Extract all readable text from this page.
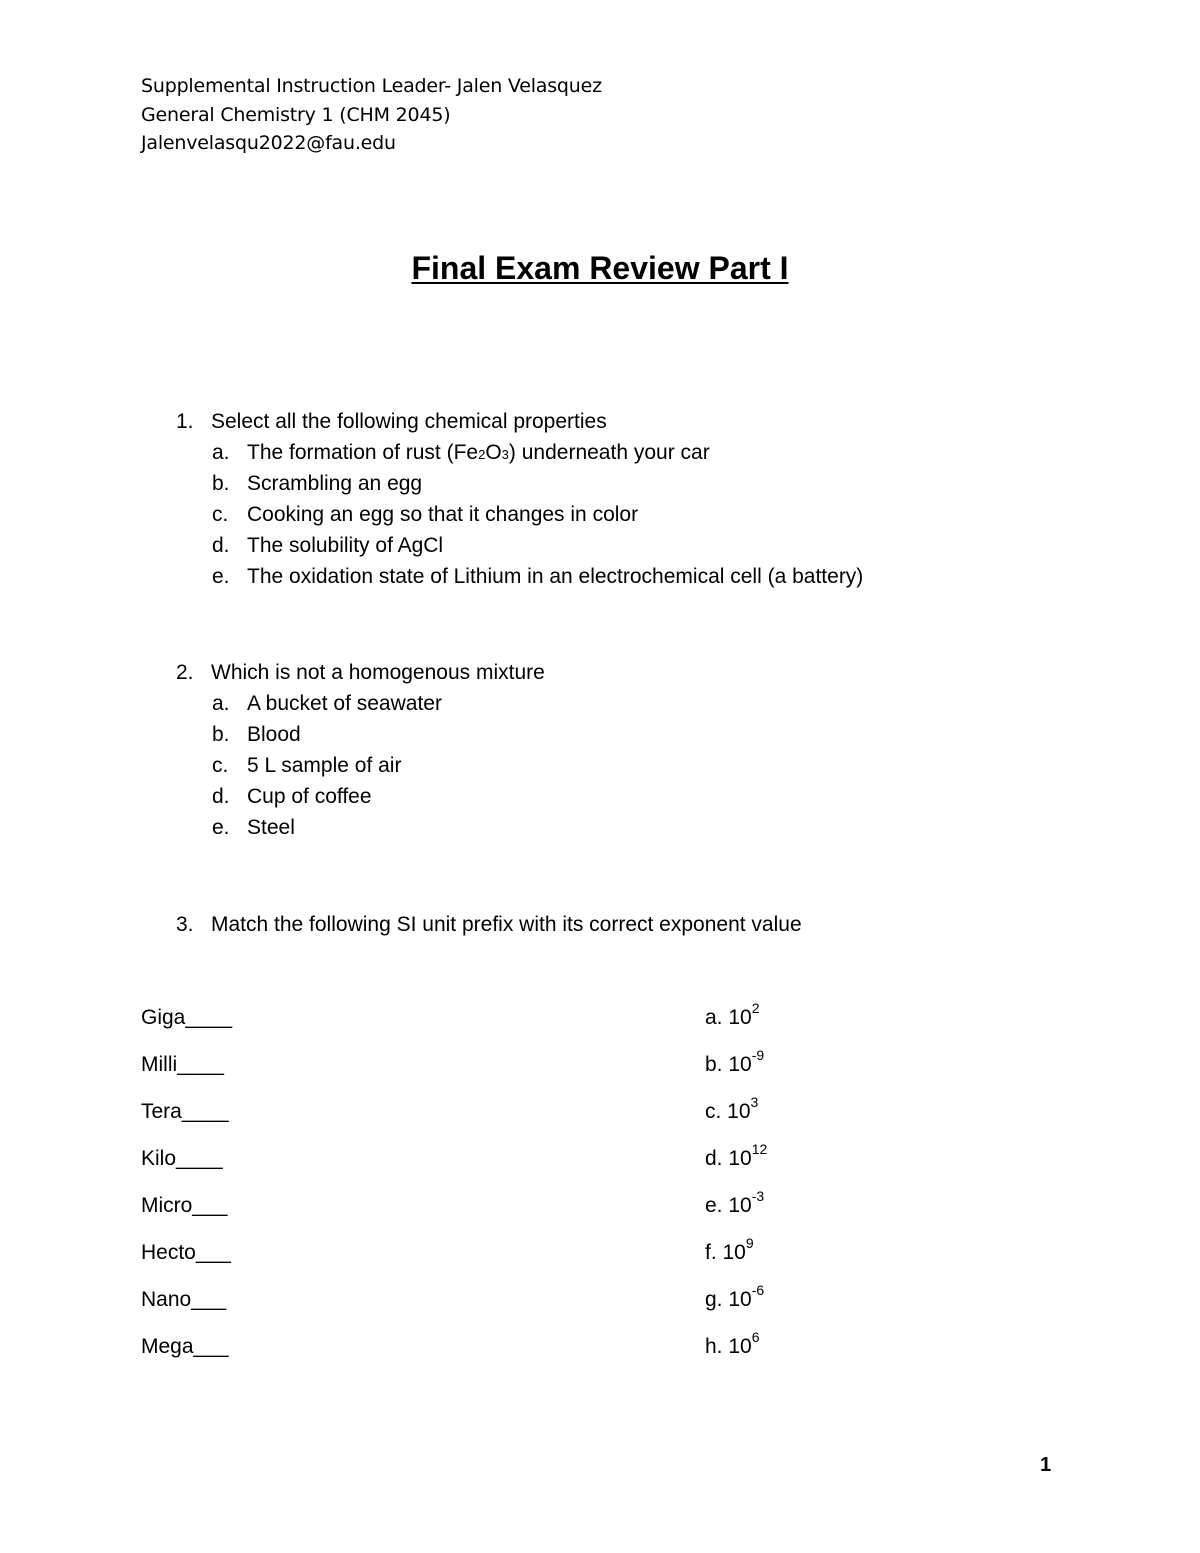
Supplemental Instruction Leader- Jalen Velasquez
General Chemistry 1 (CHM 2045)
Jalenvelasqu2022@fau.edu
Final Exam Review Part I
1. Select all the following chemical properties
a. The formation of rust (Fe2O3) underneath your car
b. Scrambling an egg
c. Cooking an egg so that it changes in color
d. The solubility of AgCl
e. The oxidation state of Lithium in an electrochemical cell (a battery)
2. Which is not a homogenous mixture
a. A bucket of seawater
b. Blood
c. 5 L sample of air
d. Cup of coffee
e. Steel
3. Match the following SI unit prefix with its correct exponent value
Giga____	a. $10^2$
Milli____	b. $10^{-9}$
Tera____	c. $10^3$
Kilo____	d. $10^{12}$
Micro___	e. $10^{-3}$
Hecto___	f. $10^9$
Nano___	g. $10^{-6}$
Mega___	h. $10^6$
1
